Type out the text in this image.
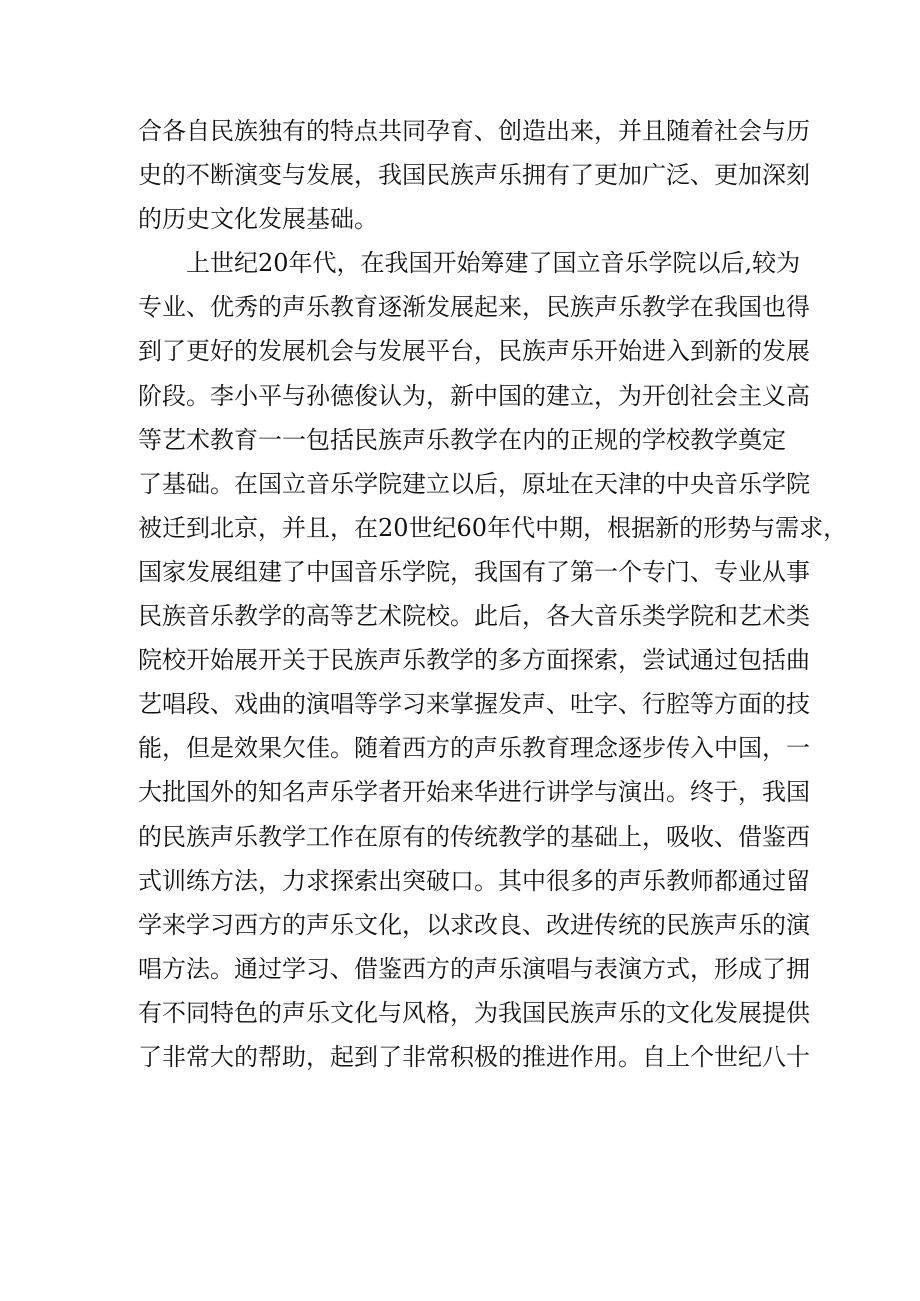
合各自民族独有的特点共同孕育、创造出来，并且随着社会与历
史的不断演变与发展，我国民族声乐拥有了更加广泛、更加深刻
的历史文化发展基础。
上世纪20年代，在我国开始筹建了国立音乐学院以后,较为
专业、优秀的声乐教育逐渐发展起来，民族声乐教学在我国也得
到了更好的发展机会与发展平台，民族声乐开始进入到新的发展
阶段。李小平与孙德俊认为，新中国的建立，为开创社会主义高
等艺术教育一一包括民族声乐教学在内的正规的学校教学奠定
了基础。在国立音乐学院建立以后，原址在天津的中央音乐学院
被迁到北京，并且，在20世纪60年代中期，根据新的形势与需求，
国家发展组建了中国音乐学院，我国有了第一个专门、专业从事
民族音乐教学的高等艺术院校。此后，各大音乐类学院和艺术类
院校开始展开关于民族声乐教学的多方面探索，尝试通过包括曲
艺唱段、戏曲的演唱等学习来掌握发声、吐字、行腔等方面的技
能，但是效果欠佳。随着西方的声乐教育理念逐步传入中国，一
大批国外的知名声乐学者开始来华进行讲学与演出。终于，我国
的民族声乐教学工作在原有的传统教学的基础上，吸收、借鉴西
式训练方法，力求探索出突破口。其中很多的声乐教师都通过留
学来学习西方的声乐文化，以求改良、改进传统的民族声乐的演
唱方法。通过学习、借鉴西方的声乐演唱与表演方式，形成了拥
有不同特色的声乐文化与风格，为我国民族声乐的文化发展提供
了非常大的帮助，起到了非常积极的推进作用。自上个世纪八十
